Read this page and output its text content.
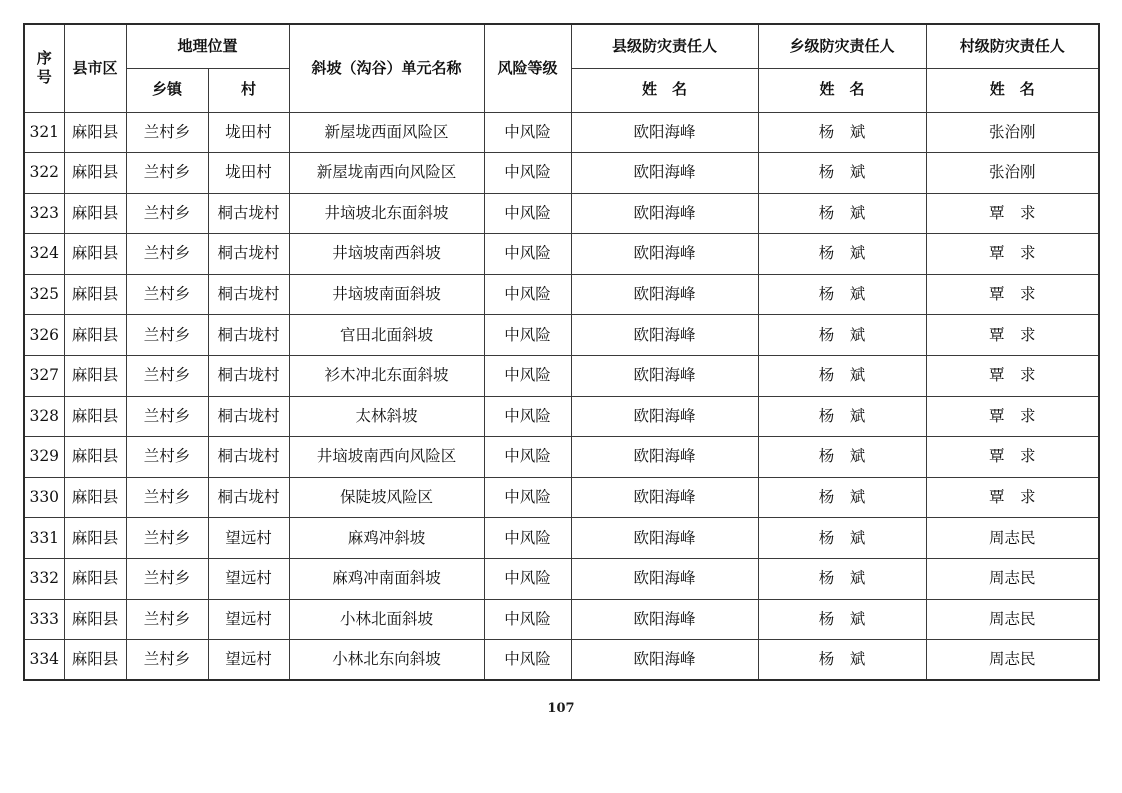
序号	县市区	地理位置		斜坡（沟谷）单元名称	风险等级	县级防灾责任人	乡级防灾责任人	村级防灾责任人
		乡镇	村			姓　名	姓　名	姓　名
321	麻阳县	兰村乡	垅田村	新屋垅西面风险区	中风险	欧阳海峰	杨　斌	张治刚
322	麻阳县	兰村乡	垅田村	新屋垅南西向风险区	中风险	欧阳海峰	杨　斌	张治刚
323	麻阳县	兰村乡	桐古垅村	井垴坡北东面斜坡	中风险	欧阳海峰	杨　斌	覃　求
324	麻阳县	兰村乡	桐古垅村	井垴坡南西斜坡	中风险	欧阳海峰	杨　斌	覃　求
325	麻阳县	兰村乡	桐古垅村	井垴坡南面斜坡	中风险	欧阳海峰	杨　斌	覃　求
326	麻阳县	兰村乡	桐古垅村	官田北面斜坡	中风险	欧阳海峰	杨　斌	覃　求
327	麻阳县	兰村乡	桐古垅村	衫木冲北东面斜坡	中风险	欧阳海峰	杨　斌	覃　求
328	麻阳县	兰村乡	桐古垅村	太林斜坡	中风险	欧阳海峰	杨　斌	覃　求
329	麻阳县	兰村乡	桐古垅村	井垴坡南西向风险区	中风险	欧阳海峰	杨　斌	覃　求
330	麻阳县	兰村乡	桐古垅村	保陡坡风险区	中风险	欧阳海峰	杨　斌	覃　求
331	麻阳县	兰村乡	望远村	麻鸡冲斜坡	中风险	欧阳海峰	杨　斌	周志民
332	麻阳县	兰村乡	望远村	麻鸡冲南面斜坡	中风险	欧阳海峰	杨　斌	周志民
333	麻阳县	兰村乡	望远村	小林北面斜坡	中风险	欧阳海峰	杨　斌	周志民
334	麻阳县	兰村乡	望远村	小林北东向斜坡	中风险	欧阳海峰	杨　斌	周志民
107
